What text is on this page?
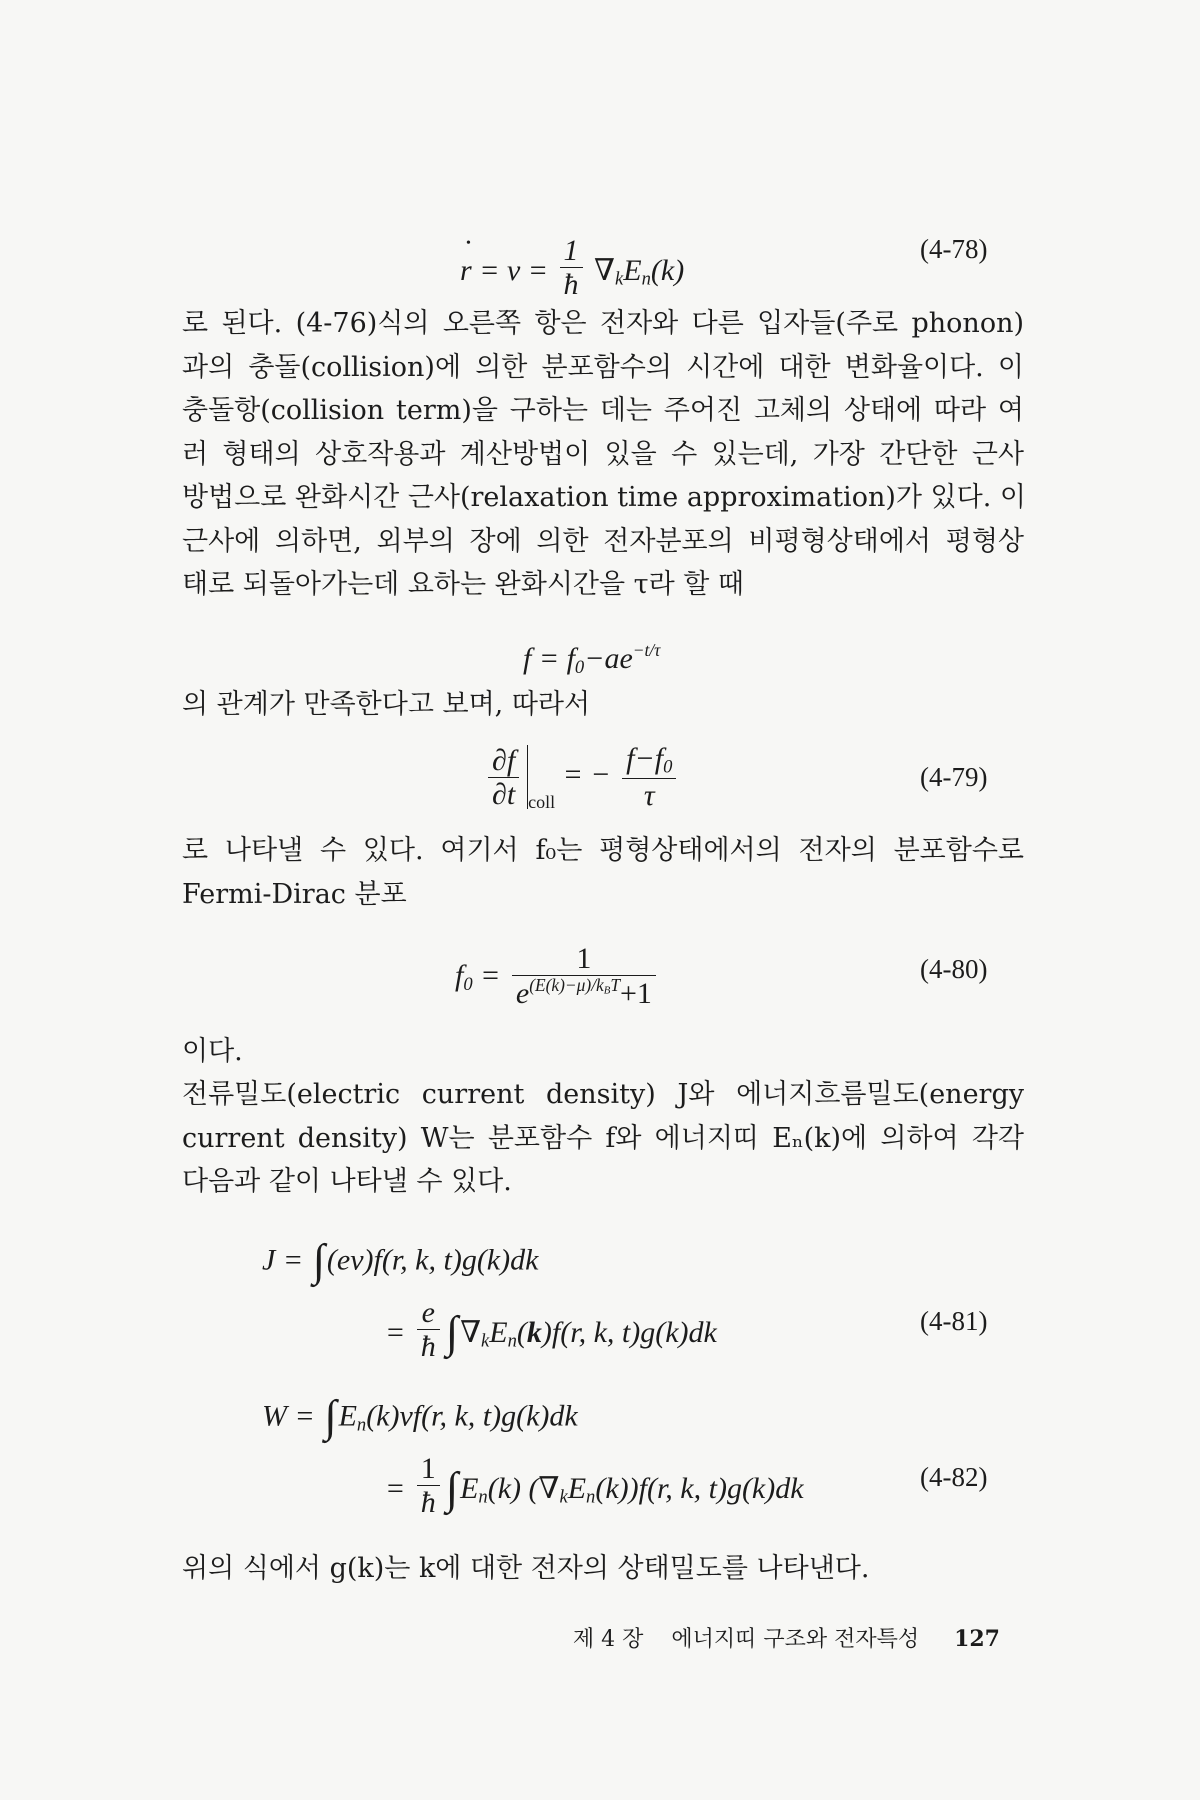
• $r = v = \frac{1}{ħ} \nabla_kE_n(k)$
(4-78)
로 된다. (4-76)식의 오른쪽 항은 전자와 다른 입자들(주로 phonon)
과의 충돌(collision)에 의한 분포함수의 시간에 대한 변화율이다. 이
충돌항(collision term)을 구하는 데는 주어진 고체의 상태에 따라 여
러 형태의 상호작용과 계산방법이 있을 수 있는데, 가장 간단한 근사
방법으로 완화시간 근사(relaxation time approximation)가 있다. 이
근사에 의하면, 외부의 장에 의한 전자분포의 비평형상태에서 평형상
태로 되돌아가는데 요하는 완화시간을 τ라 할 때
$f = f_0-ae^{-t/\tau}$
의 관계가 만족한다고 보며, 따라서
$\frac{\partial f}{\partial t} _{coll}$ = − $\frac{f-f_0}{\tau}$	(4-79)
로 나타낼 수 있다. 여기서 f₀는 평형상태에서의 전자의 분포함수로
Fermi-Dirac 분포
$f_0 = \frac{1}{e^{(E(k)-\mu)/k_BT}+1}$	(4-80)
이다.
전류밀도(electric current density) J와 에너지흐름밀도(energy
current density) W는 분포함수 f와 에너지띠 Eₙ(k)에 의하여 각각
다음과 같이 나타낼 수 있다.
J = ∫(ev)f(r, k, t)g(k)dk
= $\frac{e}{ħ} \int\nabla_kE_n(k)f(r$, k, t)g(k)dk	(4-81)
$W = \int E_n(k)vf(r$, k, t)g(k)dk
= $\frac{1}{ħ} \int E_n(k)$ $(\nabla_kE_n(k))f(r$, k, t)g(k)dk	(4-82)
위의 식에서 g(k)는 k에 대한 전자의 상태밀도를 나타낸다.
제 4 장 에너지띠 구조와 전자특성 127
